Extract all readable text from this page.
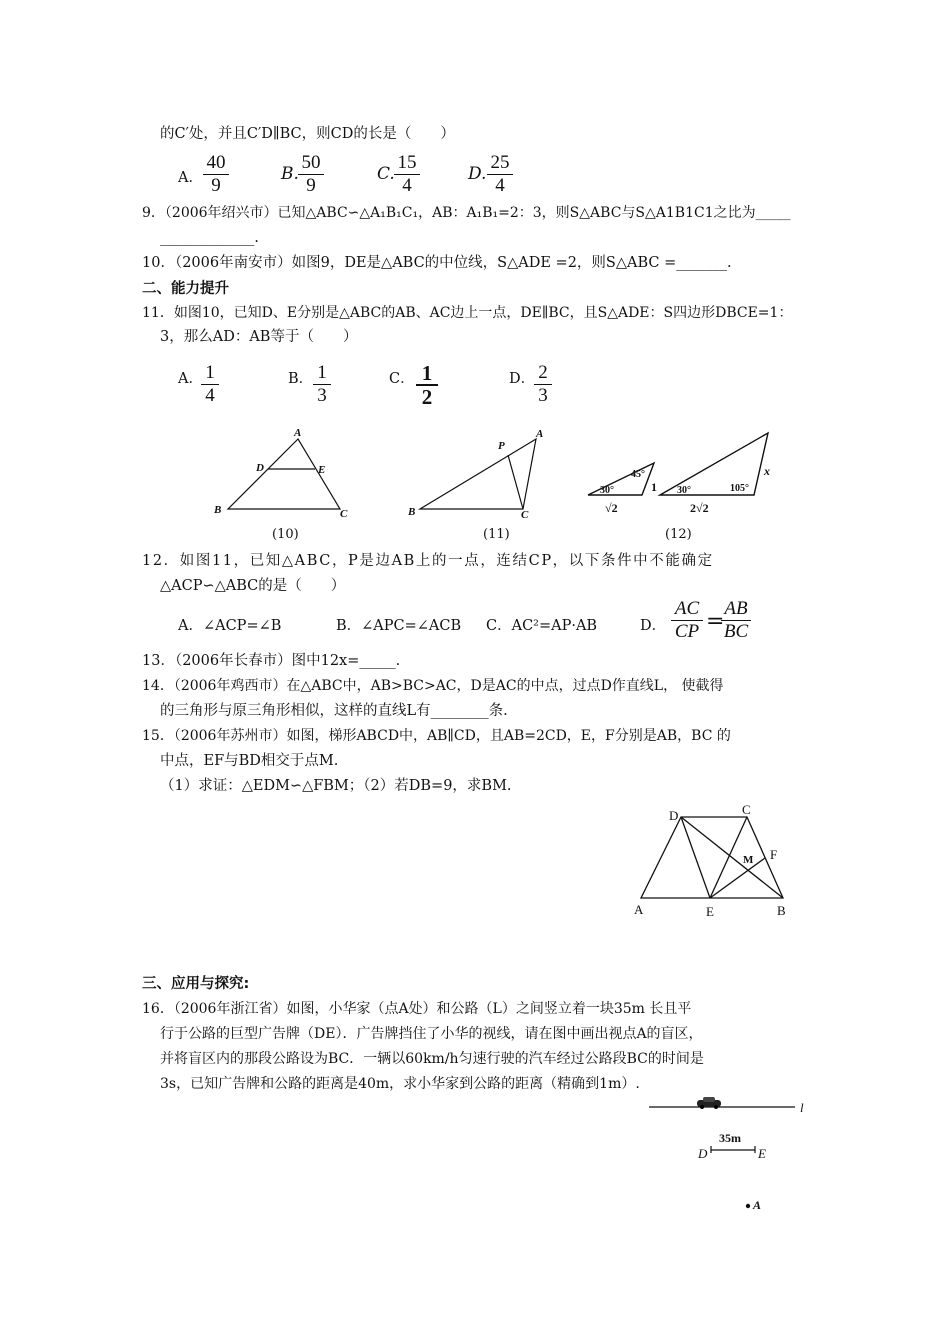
的C′处，并且C′D∥BC，则CD的长是（　　）
A．
40
9
B.
50
9
C.
15
4
D.
25
4
9．（2006年绍兴市）已知△ABC∽△A₁B₁C₁，AB：A₁B₁=2：3，则S△ABC与S△A1B1C1之比为_____
_____________.
10．（2006年南安市）如图9，DE是△ABC的中位线，S△ADE =2，则S△ABC =_______.
二、能力提升
11．如图10，已知D、E分别是△ABC的AB、AC边上一点，DE∥BC，且S△ADE：S四边形DBCE=1：
3，那么AD：AB等于（　　）
A． 1
4
B． 1
3
C． 1
2
D． 2
3
A
D	E
B	C
P
A
B	C
45°
30°	1
√2
30°	105°
x
2√2
(10)	(11)	(12)
12．如图11，已知△ABC，P是边AB上的一点，连结CP，以下条件中不能确定
△ACP∽△ABC的是（　　）
A．∠ACP=∠B	B．∠APC=∠ACB C．AC²=AP·AB	D．
AC
CP =
AB
BC
13．（2006年长春市）图中12x=_____.
14．（2006年鸡西市）在△ABC中，AB>BC>AC，D是AC的中点，过点D作直线L， 使截得
的三角形与原三角形相似，这样的直线L有________条.
15．（2006年苏州市）如图，梯形ABCD中，AB∥CD，且AB=2CD，E，F分别是AB，BC 的
中点，EF与BD相交于点M.
（1）求证：△EDM∽△FBM；（2）若DB=9，求BM.
D	C
M F
A	E	B
三、应用与探究:
16．（2006年浙江省）如图，小华家（点A处）和公路（L）之间竖立着一块35m 长且平
行于公路的巨型广告牌（DE）．广告牌挡住了小华的视线，请在图中画出视点A的盲区，
并将盲区内的那段公路设为BC．一辆以60km/h匀速行驶的汽车经过公路段BC的时间是
3s，已知广告牌和公路的距离是40m，求小华家到公路的距离（精确到1m）.
l
35m
D	E
A
